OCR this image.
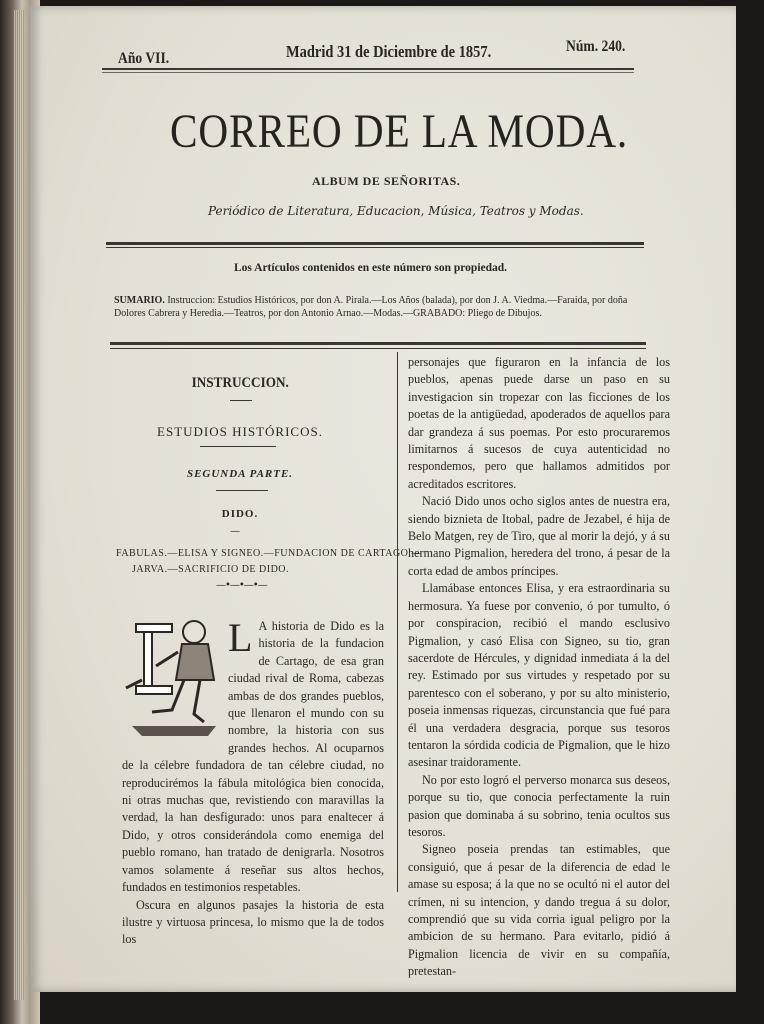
Año VII.	Madrid 31 de Diciembre de 1857.	Núm. 240.
CORREO DE LA MODA.
ALBUM DE SEÑORITAS.
Periódico de Literatura, Educacion, Música, Teatros y Modas.
Los Artículos contenidos en este número son propiedad.
SUMARIO. Instruccion: Estudios Históricos, por don A. Pirala.—Los Años (balada), por don J. A. Viedma.—Faraida, por doña Dolores Cabrera y Heredia.—Teatros, por don Antonio Arnao.—Modas.—GRABADO: Pliego de Dibujos.
INSTRUCCION.
ESTUDIOS HISTÓRICOS.
SEGUNDA PARTE.
DIDO.
—
FABULAS.—ELISA Y SIGNEO.—FUNDACION DE CARTAGO.—
JARVA.—SACRIFICIO DE DIDO.
—•—•—•—

L A historia de Dido es la historia de la fundacion de Cartago, de esa gran ciudad rival de Roma, cabezas ambas de dos grandes pueblos, que llenaron el mundo con su nombre, la historia con sus grandes hechos. Al ocuparnos de la célebre fundadora de tan célebre ciudad, no reproducirémos la fábula mitológica bien conocida, ni otras muchas que, revistiendo con maravillas la verdad, la han desfigurado: unos para enaltecer á Dido, y otros considerándola como enemiga del pueblo romano, han tratado de denigrarla. Nosotros vamos solamente á reseñar sus altos hechos, fundados en testimonios respetables.

Oscura en algunos pasajes la historia de esta ilustre y virtuosa princesa, lo mismo que la de todos los

personajes que figuraron en la infancia de los pueblos, apenas puede darse un paso en su investigacion sin tropezar con las ficciones de los poetas de la antigüedad, apoderados de aquellos para dar grandeza á sus poemas. Por esto procuraremos limitarnos á sucesos de cuya autenticidad no respondemos, pero que hallamos admitidos por acreditados escritores.

Nació Dido unos ocho siglos antes de nuestra era, siendo biznieta de Itobal, padre de Jezabel, é hija de Belo Matgen, rey de Tiro, que al morir la dejó, y á su hermano Pigmalion, heredera del trono, á pesar de la corta edad de ambos príncipes.

Llamábase entonces Elisa, y era estraordinaria su hermosura. Ya fuese por convenio, ó por tumulto, ó por conspiracion, recibió el mando esclusivo Pigmalion, y casó Elisa con Signeo, su tio, gran sacerdote de Hércules, y dignidad inmediata á la del rey. Estimado por sus virtudes y respetado por su parentesco con el soberano, y por su alto ministerio, poseia inmensas riquezas, circunstancia que fué para él una verdadera desgracia, porque sus tesoros tentaron la sórdida codicia de Pigmalion, que le hizo asesinar traidoramente.

No por esto logró el perverso monarca sus deseos, porque su tio, que conocia perfectamente la ruin pasion que dominaba á su sobrino, tenia ocultos sus tesoros.

Signeo poseia prendas tan estimables, que consiguió, que á pesar de la diferencia de edad le amase su esposa; á la que no se ocultó ni el autor del crímen, ni su intencion, y dando tregua á su dolor, comprendió que su vida corria igual peligro por la ambicion de su hermano. Para evitarlo, pidió á Pigmalion licencia de vivir en su compañía, pretestan-
